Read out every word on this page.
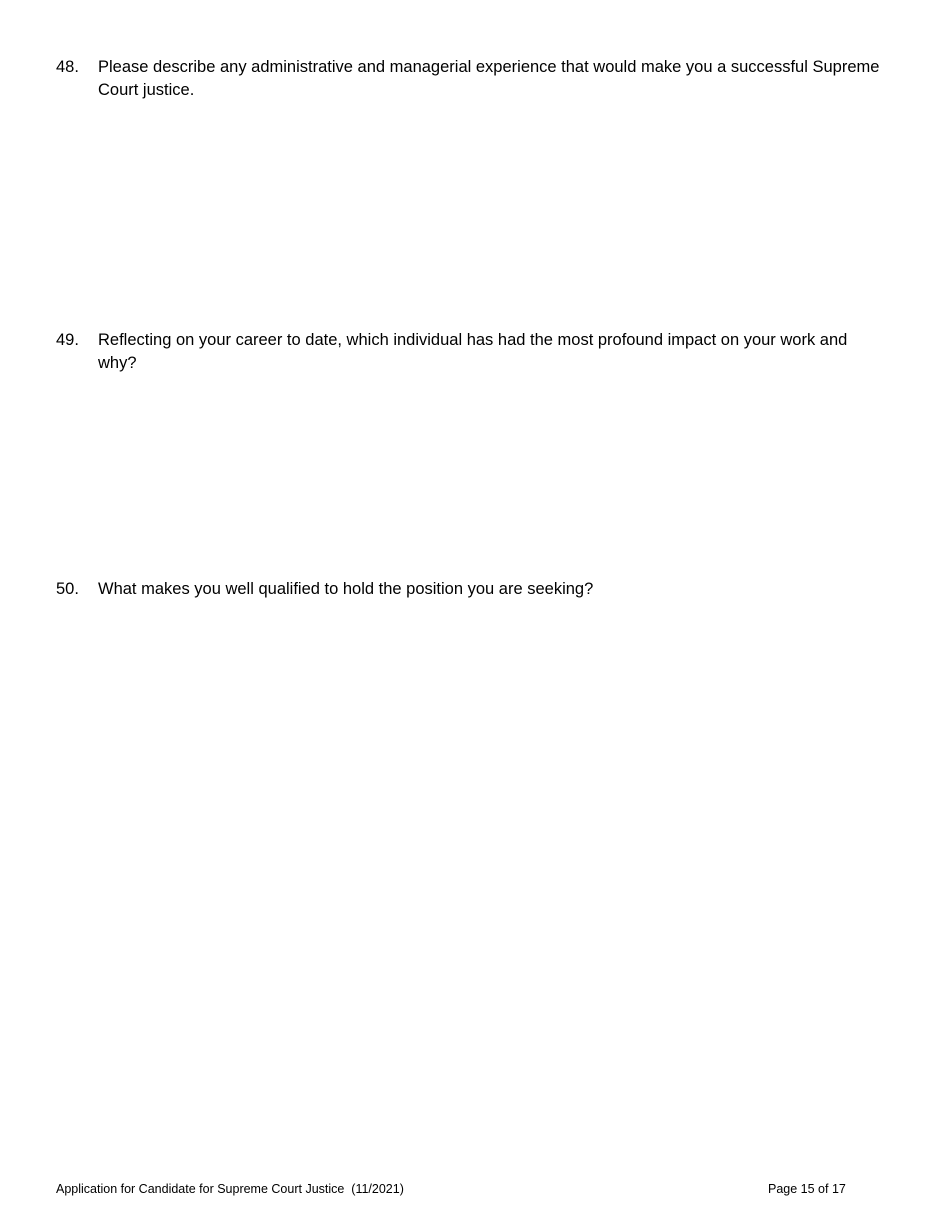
48.	Please describe any administrative and managerial experience that would make you a successful Supreme Court justice.
49.	Reflecting on your career to date, which individual has had the most profound impact on your work and why?
50.	What makes you well qualified to hold the position you are seeking?
Application for Candidate for Supreme Court Justice  (11/2021)	Page 15 of 17
